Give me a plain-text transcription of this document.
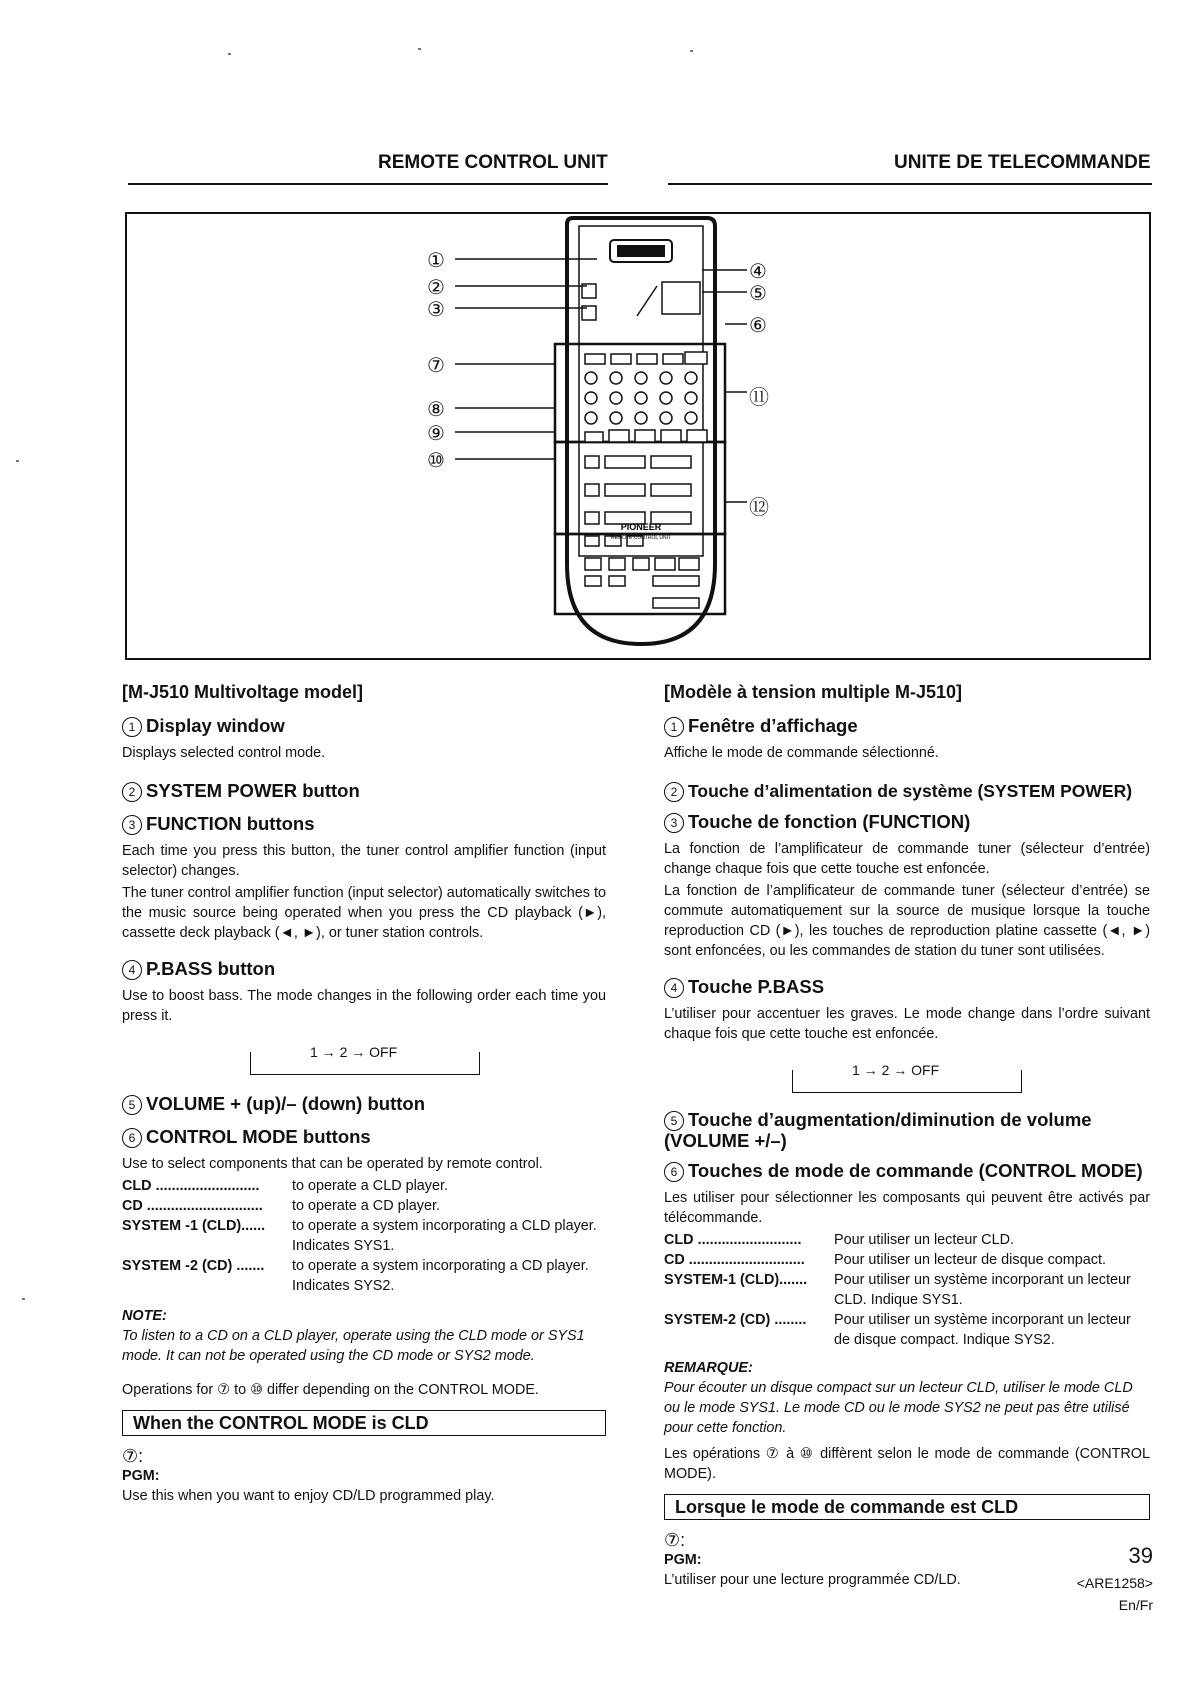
REMOTE CONTROL UNIT	UNITE DE TELECOMMANDE
PIONEER
REMOTE CONTROL UNIT
①
②
③
⑦
⑧
⑨
⑩
④
⑤
⑥
⑪
⑫
[M-J510 Multivoltage model]
1 Display window
Displays selected control mode.
2 SYSTEM POWER button
3 FUNCTION buttons
Each time you press this button, the tuner control amplifier function (input selector) changes.
The tuner control amplifier function (input selector) automatically switches to the music source being operated when you press the CD playback (►), cassette deck playback (◄, ►), or tuner station controls.
4 P.BASS button
Use to boost bass. The mode changes in the following order each time you press it.
1 → 2 → OFF
5 VOLUME + (up)/– (down) button
6 CONTROL MODE buttons
Use to select components that can be operated by remote control.
CLD ..........................	to operate a CLD player.
CD .............................	to operate a CD player.
SYSTEM -1 (CLD)......	to operate a system incorporating a CLD player. Indicates SYS1.
SYSTEM -2 (CD) .......	to operate a system incorporating a CD player. Indicates SYS2.
NOTE:
To listen to a CD on a CLD player, operate using the CLD mode or SYS1 mode. It can not be operated using the CD mode or SYS2 mode.
Operations for ⑦ to ⑩ differ depending on the CONTROL MODE.
When the CONTROL MODE is CLD
⑦:
PGM:
Use this when you want to enjoy CD/LD programmed play.
[Modèle à tension multiple M-J510]
1 Fenêtre d’affichage
Affiche le mode de commande sélectionné.
2 Touche d’alimentation de système (SYSTEM POWER)
3 Touche de fonction (FUNCTION)
La fonction de l’amplificateur de commande tuner (sélecteur d’entrée) change chaque fois que cette touche est enfoncée.
La fonction de l’amplificateur de commande tuner (sélecteur d’entrée) se commute automatiquement sur la source de musique lorsque la touche reproduction CD (►), les touches de reproduction platine cassette (◄, ►) sont enfoncées, ou les commandes de station du tuner sont utilisées.
4 Touche P.BASS
L’utiliser pour accentuer les graves. Le mode change dans l’ordre suivant chaque fois que cette touche est enfoncée.
1 → 2 → OFF
5 Touche d’augmentation/diminution de volume (VOLUME +/–)
6 Touches de mode de commande (CONTROL MODE)
Les utiliser pour sélectionner les composants qui peuvent être activés par télécommande.
CLD ..........................	Pour utiliser un lecteur CLD.
CD .............................	Pour utiliser un lecteur de disque compact.
SYSTEM-1 (CLD).......	Pour utiliser un système incorporant un lecteur CLD. Indique SYS1.
SYSTEM-2 (CD) ........	Pour utiliser un système incorporant un lecteur de disque compact. Indique SYS2.
REMARQUE:
Pour écouter un disque compact sur un lecteur CLD, utiliser le mode CLD ou le mode SYS1. Le mode CD ou le mode SYS2 ne peut pas être utilisé pour cette fonction.
Les opérations ⑦ à ⑩ diffèrent selon le mode de commande (CONTROL MODE).
Lorsque le mode de commande est CLD
⑦:
PGM:
L’utiliser pour une lecture programmée CD/LD.
39
<ARE1258>
En/Fr
